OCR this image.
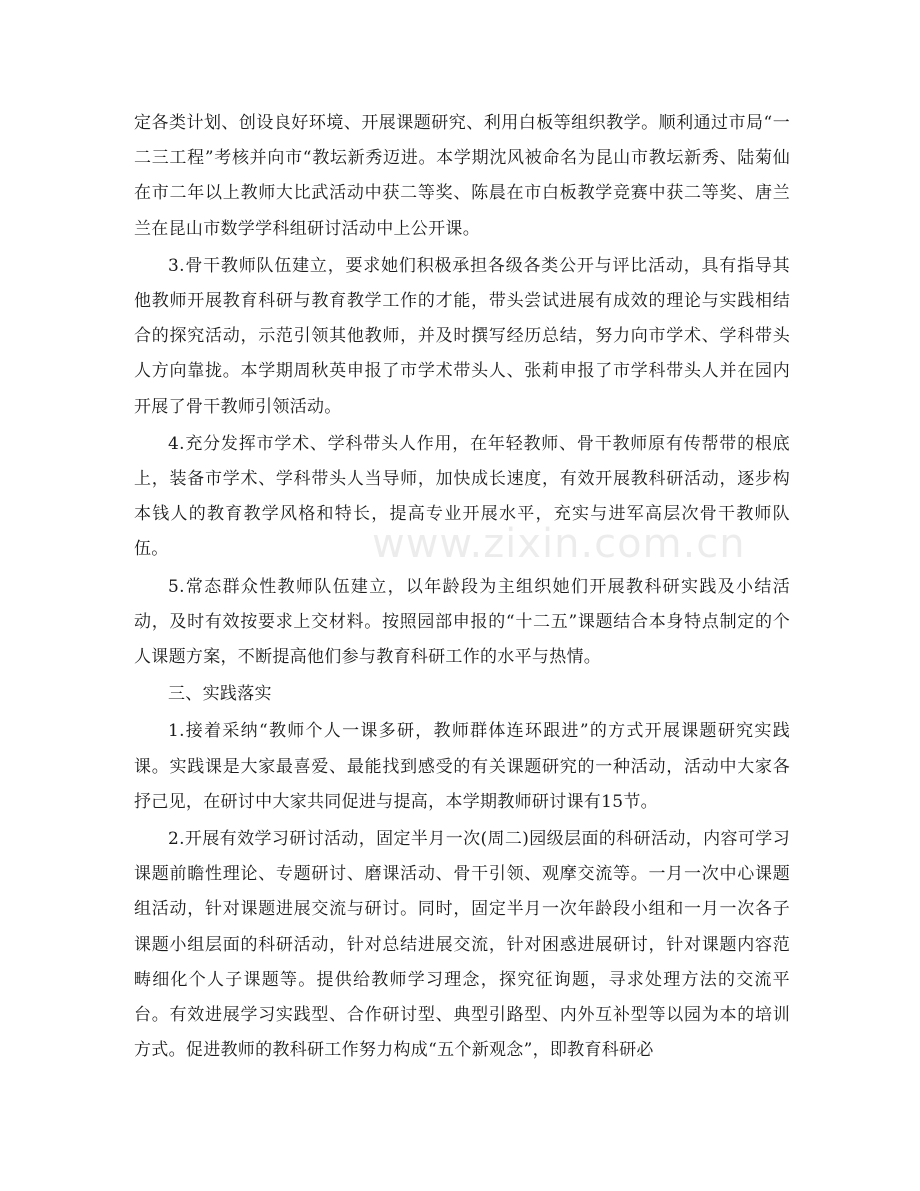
定各类计划、创设良好环境、开展课题研究、利用白板等组织教学。顺利通过市局“一二三工程”考核并向市“教坛新秀迈进。本学期沈风被命名为昆山市教坛新秀、陆菊仙在市二年以上教师大比武活动中获二等奖、陈晨在市白板教学竞赛中获二等奖、唐兰兰在昆山市数学学科组研讨活动中上公开课。

3.骨干教师队伍建立，要求她们积极承担各级各类公开与评比活动，具有指导其他教师开展教育科研与教育教学工作的才能，带头尝试进展有成效的理论与实践相结合的探究活动，示范引领其他教师，并及时撰写经历总结，努力向市学术、学科带头人方向靠拢。本学期周秋英申报了市学术带头人、张莉申报了市学科带头人并在园内开展了骨干教师引领活动。

4.充分发挥市学术、学科带头人作用，在年轻教师、骨干教师原有传帮带的根底上，装备市学术、学科带头人当导师，加快成长速度，有效开展教科研活动，逐步构本钱人的教育教学风格和特长，提高专业开展水平，充实与进军高层次骨干教师队伍。

5.常态群众性教师队伍建立，以年龄段为主组织她们开展教科研实践及小结活动，及时有效按要求上交材料。按照园部申报的“十二五”课题结合本身特点制定的个人课题方案，不断提高他们参与教育科研工作的水平与热情。

三、实践落实

1.接着采纳“教师个人一课多研，教师群体连环跟进”的方式开展课题研究实践课。实践课是大家最喜爱、最能找到感受的有关课题研究的一种活动，活动中大家各抒己见，在研讨中大家共同促进与提高，本学期教师研讨课有15节。

2.开展有效学习研讨活动，固定半月一次(周二)园级层面的科研活动，内容可学习课题前瞻性理论、专题研讨、磨课活动、骨干引领、观摩交流等。一月一次中心课题组活动，针对课题进展交流与研讨。同时，固定半月一次年龄段小组和一月一次各子课题小组层面的科研活动，针对总结进展交流，针对困惑进展研讨，针对课题内容范畴细化个人子课题等。提供给教师学习理念，探究征询题，寻求处理方法的交流平台。有效进展学习实践型、合作研讨型、典型引路型、内外互补型等以园为本的培训方式。促进教师的教科研工作努力构成“五个新观念”，即教育科研必

www.zixin.com.cn
